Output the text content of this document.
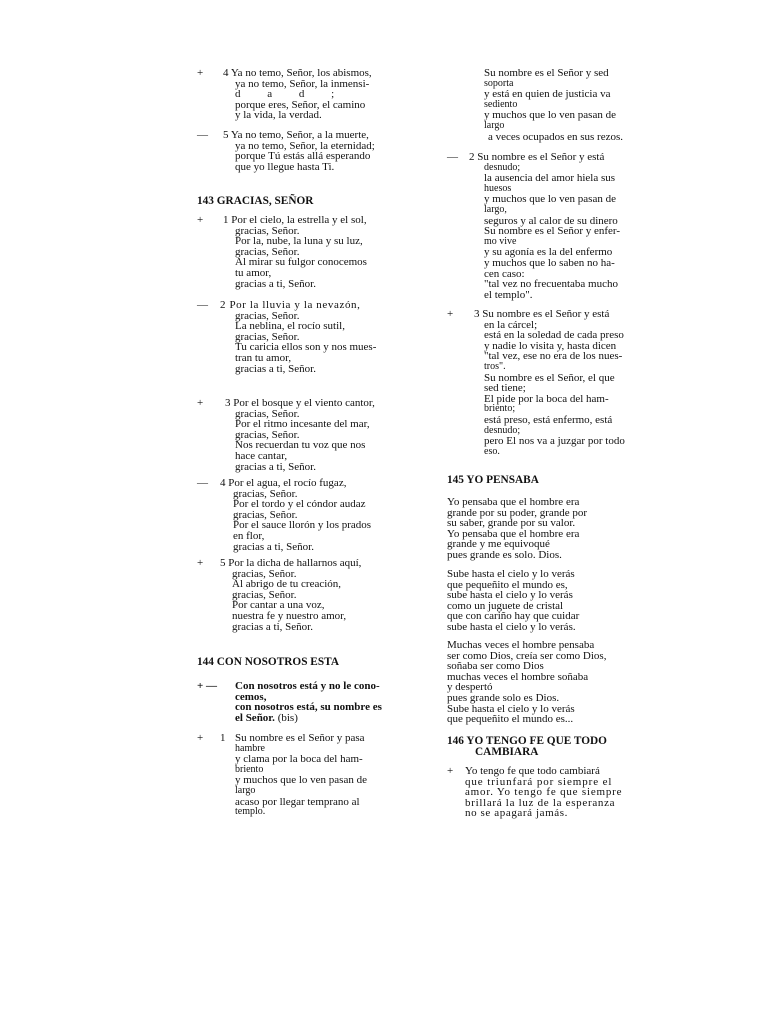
+ 4 Ya no temo, Señor, los abismos,
ya no temo, Señor, la inmensi-
d a d ;
porque eres, Señor, el camino
y la vida, la verdad.
— 5 Ya no temo, Señor, a la muerte,
ya no temo, Señor, la eternidad;
porque Tú estás allá esperando
que yo llegue hasta Ti.
143 GRACIAS, SEÑOR
+ 1 Por el cielo, la estrella y el sol,
gracias, Señor.
Por la, nube, la luna y su luz,
gracias, Señor.
Al mirar su fulgor conocemos
tu amor,
gracias a ti, Señor.
— 2 Por la lluvia y la nevazón,
gracias, Señor.
La neblina, el rocío sutil,
gracias, Señor.
Tu caricia ellos son y nos mues-
tran tu amor,
gracias a ti, Señor.
+ 3 Por el bosque y el viento cantor,
gracias, Señor.
Por el ritmo incesante del mar,
gracias, Señor.
Nos recuerdan tu voz que nos
hace cantar,
gracias a ti, Señor.
— 4 Por el agua, el rocío fugaz,
gracias, Señor.
Por el tordo y el cóndor audaz
gracias, Señor.
Por el sauce llorón y los prados
en flor,
gracias a ti, Señor.
+ 5 Por la dicha de hallarnos aquí,
gracias, Señor.
Al abrigo de tu creación,
gracias, Señor.
Por cantar a una voz,
nuestra fe y nuestro amor,
gracias a ti, Señor.
144 CON NOSOTROS ESTA
+ — Con nosotros está y no le cono-
cemos,
con nosotros está, su nombre es
el Señor. (bis)
+ 1 Su nombre es el Señor y pasa
hambre
y clama por la boca del ham-
briento
y muchos que lo ven pasan de
largo
acaso por llegar temprano al
templo.
Su nombre es el Señor y sed
soporta
y está en quien de justicia va
sediento
y muchos que lo ven pasan de
largo
a veces ocupados en sus rezos.
— 2 Su nombre es el Señor y está
desnudo;
la ausencia del amor hiela sus
huesos
y muchos que lo ven pasan de
largo,
seguros y al calor de su dinero
Su nombre es el Señor y enfer-
mo vive
y su agonía es la del enfermo
y muchos que lo saben no ha-
cen caso:
"tal vez no frecuentaba mucho
el templo".
+ 3 Su nombre es el Señor y está
en la cárcel;
está en la soledad de cada preso
y nadie lo visita y, hasta dicen
"tal vez, ese no era de los nues-
tros".
Su nombre es el Señor, el que
sed tiene;
El pide por la boca del ham-
briento;
está preso, está enfermo, está
desnudo;
pero El nos va a juzgar por todo
eso.
145 YO PENSABA
Yo pensaba que el hombre era
grande por su poder, grande por
su saber, grande por su valor.
Yo pensaba que el hombre era
grande y me equivoqué
pues grande es solo. Dios.
Sube hasta el cielo y lo verás
que pequeñito el mundo es,
sube hasta el cielo y lo verás
como un juguete de cristal
que con cariño hay que cuidar
sube hasta el cielo y lo verás.
Muchas veces el hombre pensaba
ser como Dios, creía ser como Dios,
soñaba ser como Dios
muchas veces el hombre soñaba
y despertó
pues grande solo es Dios.
Sube hasta el cielo y lo verás
que pequeñito el mundo es...
146 YO TENGO FE QUE TODO
CAMBIARA
+ Yo tengo fe que todo cambiará
que triunfará por siempre el
amor. Yo tengo fe que siempre
brillará la luz de la esperanza
no se apagará jamás.
